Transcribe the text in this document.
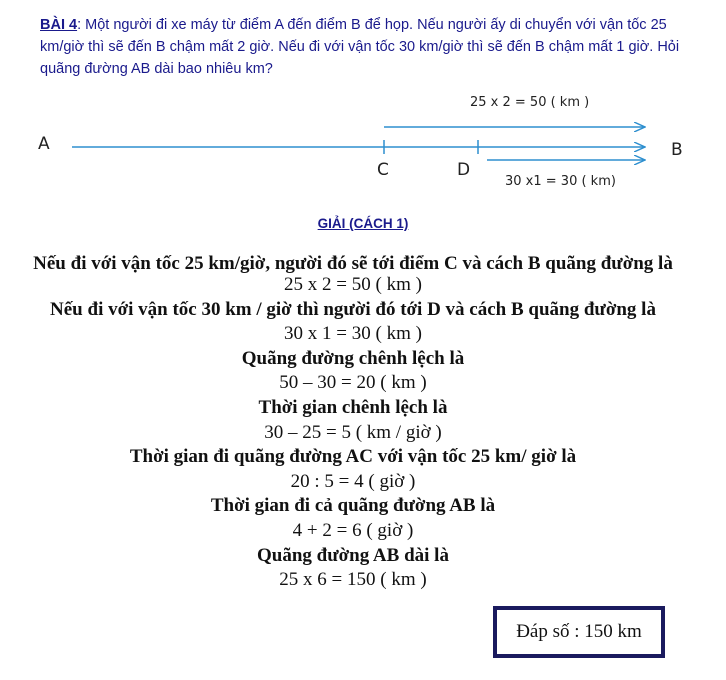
BÀI 4: Một người đi xe máy từ điểm A đến điểm B để họp. Nếu người ấy di chuyển với vận tốc 25 km/giờ thì sẽ đến B chậm mất 2 giờ. Nếu đi với vận tốc 30 km/giờ thì sẽ đến B chậm mất 1 giờ. Hỏi quãng đường AB dài bao nhiêu km?
A	B
C	D
25 x 2 = 50 ( km )
30 x1 = 30 ( km)
GIẢI (CÁCH 1)
Nếu đi với vận tốc 25 km/giờ, người đó sẽ tới điểm C và cách B quãng đường là
25 x 2 = 50 ( km )
Nếu đi với vận tốc 30 km / giờ thì người đó tới D và cách B quãng đường là
30 x 1 = 30 ( km )
Quãng đường chênh lệch là
50 – 30 = 20 ( km )
Thời gian chênh lệch là
30 – 25 = 5 ( km / giờ )
Thời gian đi quãng đường AC với vận tốc 25 km/ giờ là
20 : 5 = 4 ( giờ )
Thời gian đi cả quãng đường AB là
4 + 2 = 6 ( giờ )
Quãng đường AB dài là
25 x 6 = 150 ( km )
Đáp số : 150 km
